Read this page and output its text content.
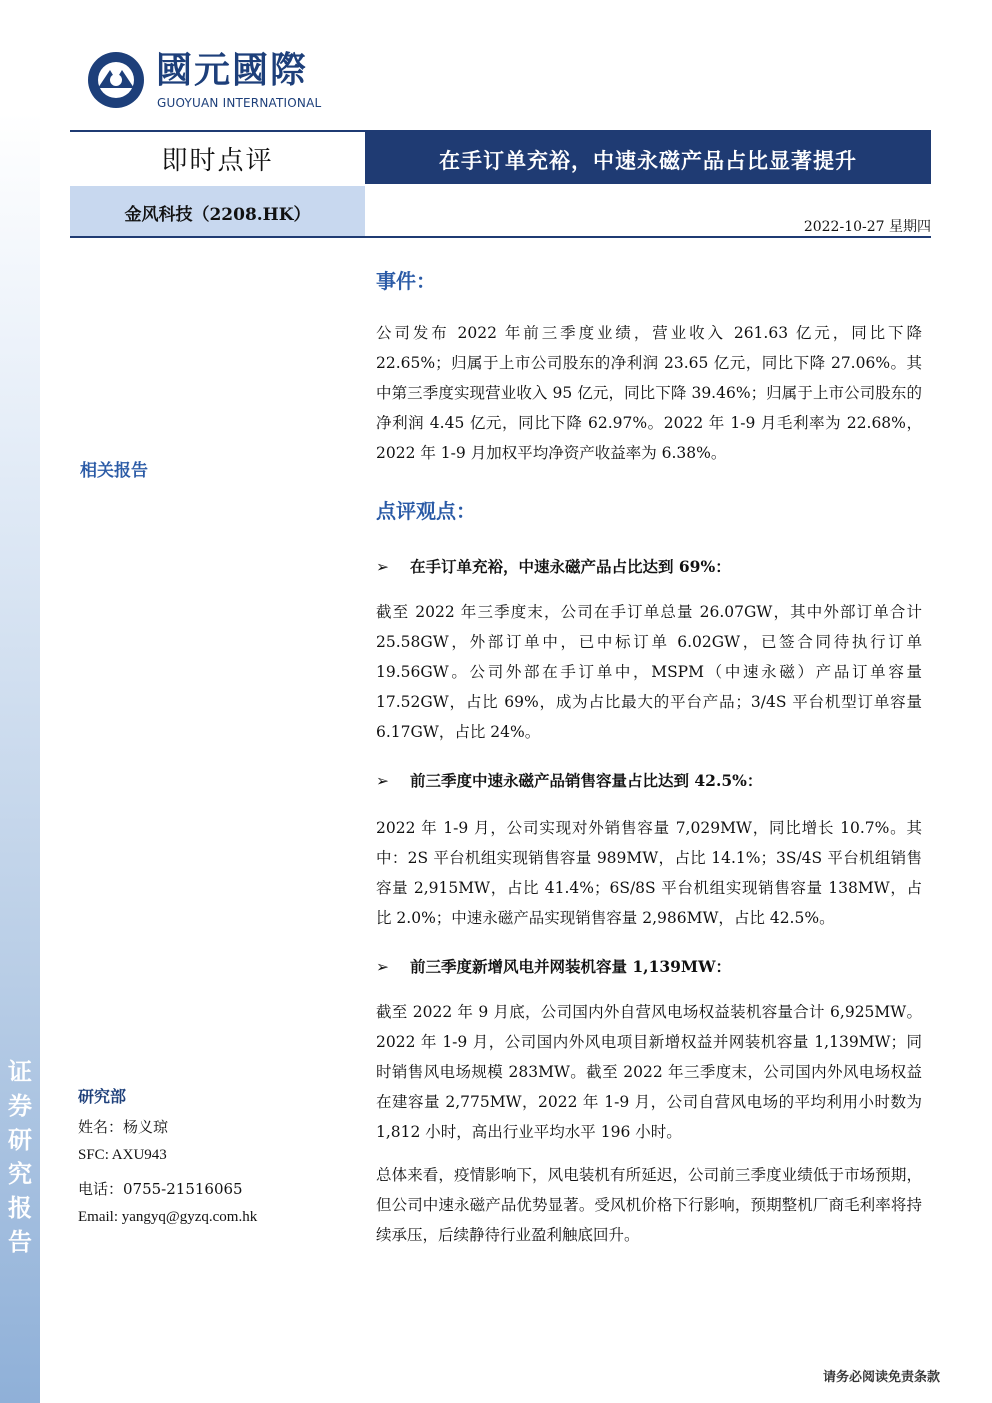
证
券
研
究
报
告
國元國際
GUOYUAN INTERNATIONAL
即时点评	在手订单充裕，中速永磁产品占比显著提升
金风科技（2208.HK）
2022-10-27 星期四
相关报告
研究部
姓名：杨义琼
SFC: AXU943
电话：0755-21516065
Email: yangyq@gyzq.com.hk
事件：
公司发布 2022 年前三季度业绩，营业收入 261.63 亿元，同比下降 22.65%；归属于上市公司股东的净利润 23.65 亿元，同比下降 27.06%。其中第三季度实现营业收入 95 亿元，同比下降 39.46%；归属于上市公司股东的净利润 4.45 亿元，同比下降 62.97%。2022 年 1-9 月毛利率为 22.68%，2022 年 1-9 月加权平均净资产收益率为 6.38%。
点评观点：
➢ 在手订单充裕，中速永磁产品占比达到 69%：
截至 2022 年三季度末，公司在手订单总量 26.07GW，其中外部订单合计 25.58GW，外部订单中，已中标订单 6.02GW，已签合同待执行订单 19.56GW。公司外部在手订单中，MSPM（中速永磁）产品订单容量 17.52GW，占比 69%，成为占比最大的平台产品；3/4S 平台机型订单容量 6.17GW，占比 24%。
➢ 前三季度中速永磁产品销售容量占比达到 42.5%：
2022 年 1-9 月，公司实现对外销售容量 7,029MW，同比增长 10.7%。其中：2S 平台机组实现销售容量 989MW，占比 14.1%；3S/4S 平台机组销售容量 2,915MW，占比 41.4%；6S/8S 平台机组实现销售容量 138MW，占比 2.0%；中速永磁产品实现销售容量 2,986MW，占比 42.5%。
➢ 前三季度新增风电并网装机容量 1,139MW：
截至 2022 年 9 月底，公司国内外自营风电场权益装机容量合计 6,925MW。2022 年 1-9 月，公司国内外风电项目新增权益并网装机容量 1,139MW；同时销售风电场规模 283MW。截至 2022 年三季度末，公司国内外风电场权益在建容量 2,775MW，2022 年 1-9 月，公司自营风电场的平均利用小时数为 1,812 小时，高出行业平均水平 196 小时。
总体来看，疫情影响下，风电装机有所延迟，公司前三季度业绩低于市场预期，但公司中速永磁产品优势显著。受风机价格下行影响，预期整机厂商毛利率将持续承压，后续静待行业盈利触底回升。
请务必阅读免责条款
